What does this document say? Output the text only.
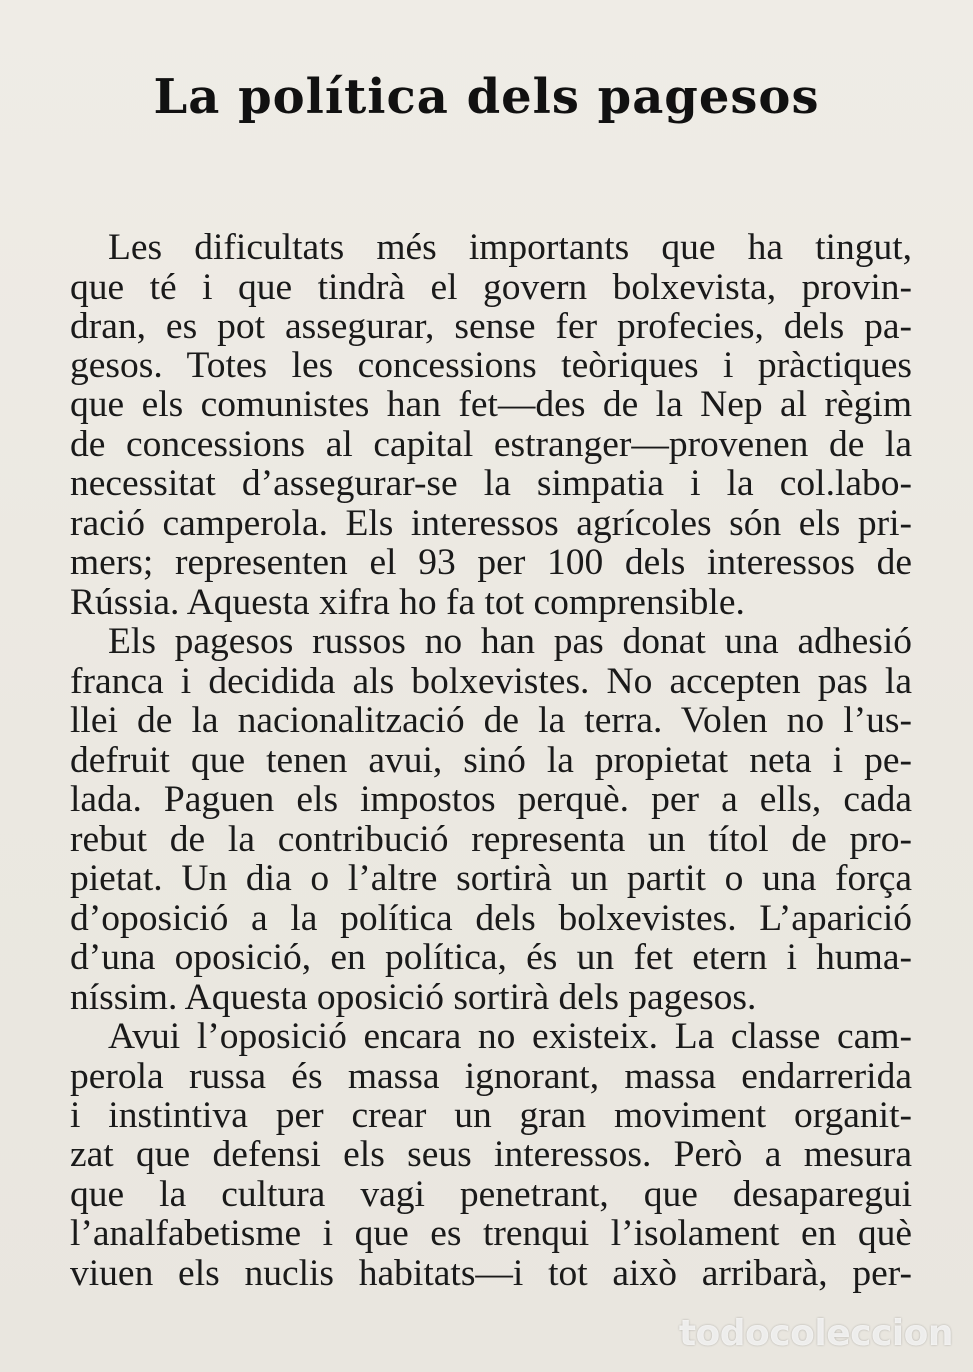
La política dels pagesos
Les dificultats més importants que ha tingut,
que té i que tindrà el govern bolxevista, provin-
dran, es pot assegurar, sense fer profecies, dels pa-
gesos. Totes les concessions teòriques i pràctiques
que els comunistes han fet—des de la Nep al règim
de concessions al capital estranger—provenen de la
necessitat d’assegurar-se la simpatia i la col.labo-
ració camperola. Els interessos agrícoles són els pri-
mers; representen el 93 per 100 dels interessos de
Rússia. Aquesta xifra ho fa tot comprensible.
Els pagesos russos no han pas donat una adhesió
franca i decidida als bolxevistes. No accepten pas la
llei de la nacionalització de la terra. Volen no l’us-
defruit que tenen avui, sinó la propietat neta i pe-
lada. Paguen els impostos perquè. per a ells, cada
rebut de la contribució representa un títol de pro-
pietat. Un dia o l’altre sortirà un partit o una força
d’oposició a la política dels bolxevistes. L’aparició
d’una oposició, en política, és un fet etern i huma-
níssim. Aquesta oposició sortirà dels pagesos.
Avui l’oposició encara no existeix. La classe cam-
perola russa és massa ignorant, massa endarrerida
i instintiva per crear un gran moviment organit-
zat que defensi els seus interessos. Però a mesura
que la cultura vagi penetrant, que desaparegui
l’analfabetisme i que es trenqui l’isolament en què
viuen els nuclis habitats—i tot això arribarà, per-
todocoleccion
